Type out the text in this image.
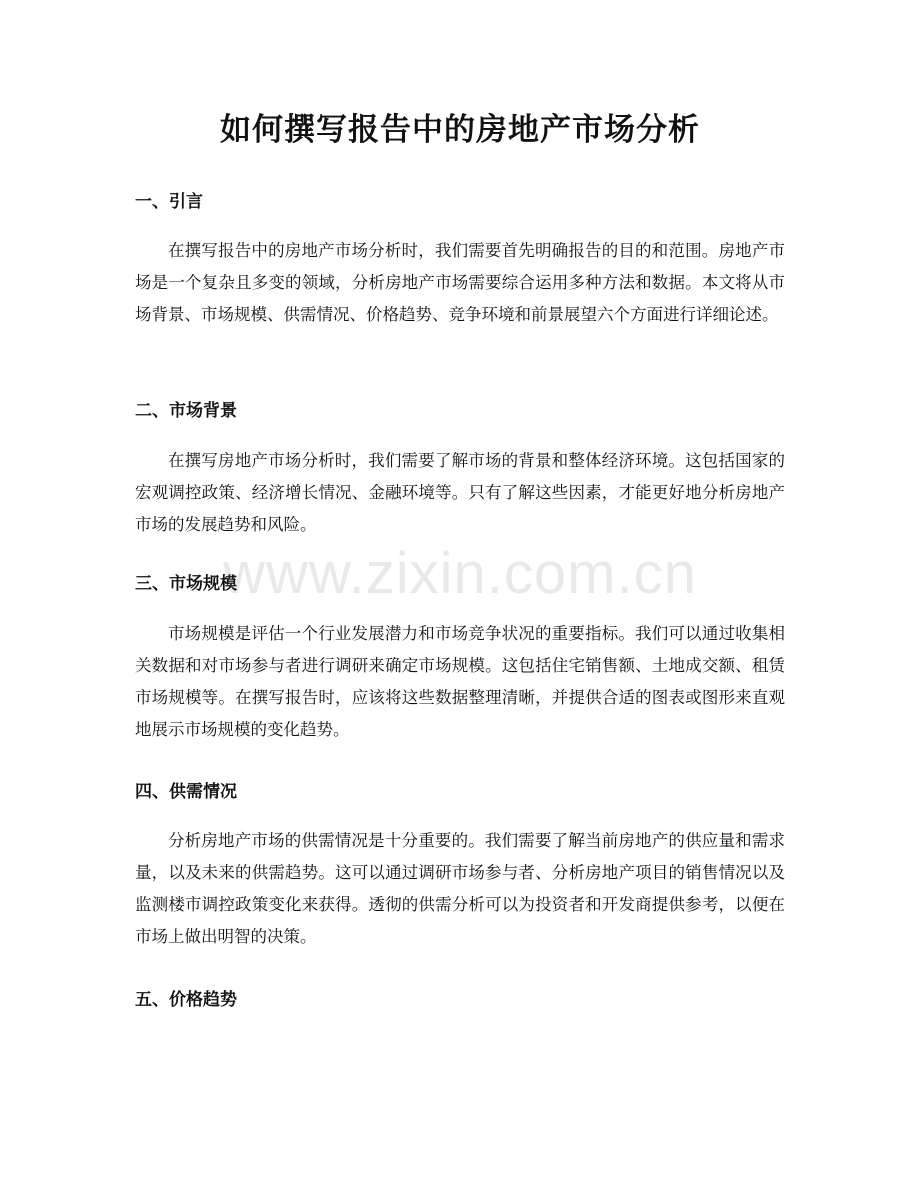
如何撰写报告中的房地产市场分析
一、引言

在撰写报告中的房地产市场分析时，我们需要首先明确报告的目的和范围。房地产市场是一个复杂且多变的领域，分析房地产市场需要综合运用多种方法和数据。本文将从市场背景、市场规模、供需情况、价格趋势、竞争环境和前景展望六个方面进行详细论述。

二、市场背景

在撰写房地产市场分析时，我们需要了解市场的背景和整体经济环境。这包括国家的宏观调控政策、经济增长情况、金融环境等。只有了解这些因素，才能更好地分析房地产市场的发展趋势和风险。

三、市场规模

市场规模是评估一个行业发展潜力和市场竞争状况的重要指标。我们可以通过收集相关数据和对市场参与者进行调研来确定市场规模。这包括住宅销售额、土地成交额、租赁市场规模等。在撰写报告时，应该将这些数据整理清晰，并提供合适的图表或图形来直观地展示市场规模的变化趋势。

四、供需情况

分析房地产市场的供需情况是十分重要的。我们需要了解当前房地产的供应量和需求量，以及未来的供需趋势。这可以通过调研市场参与者、分析房地产项目的销售情况以及监测楼市调控政策变化来获得。透彻的供需分析可以为投资者和开发商提供参考，以便在市场上做出明智的决策。

五、价格趋势
www.zixin.com.cn
